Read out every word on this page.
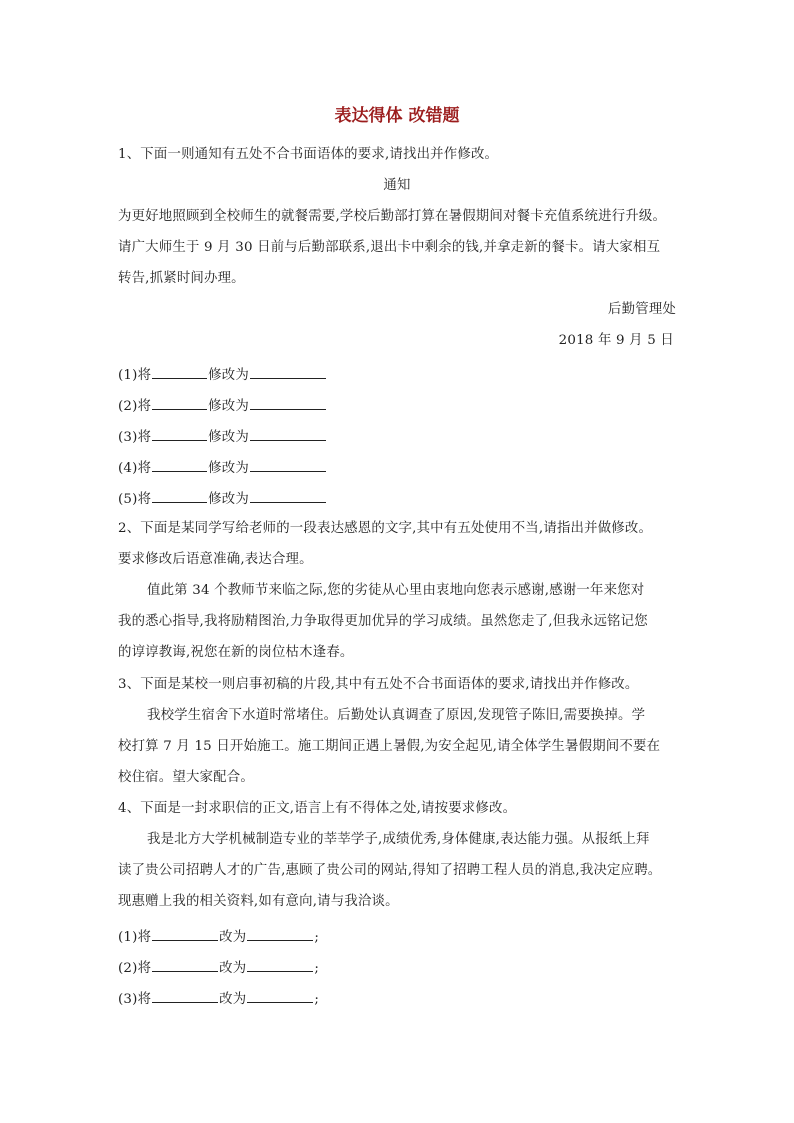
表达得体 改错题
1、下面一则通知有五处不合书面语体的要求,请找出并作修改。
通知
为更好地照顾到全校师生的就餐需要,学校后勤部打算在暑假期间对餐卡充值系统进行升级。
请广大师生于 9 月 30 日前与后勤部联系,退出卡中剩余的钱,并拿走新的餐卡。请大家相互
转告,抓紧时间办理。
后勤管理处
2018 年 9 月 5 日
(1)将	修改为
(2)将	修改为
(3)将	修改为
(4)将	修改为
(5)将	修改为
2、下面是某同学写给老师的一段表达感恩的文字,其中有五处使用不当,请指出并做修改。
要求修改后语意准确,表达合理。
值此第 34 个教师节来临之际,您的劣徒从心里由衷地向您表示感谢,感谢一年来您对
我的悉心指导,我将励精图治,力争取得更加优异的学习成绩。虽然您走了,但我永远铭记您
的谆谆教诲,祝您在新的岗位枯木逢春。
3、下面是某校一则启事初稿的片段,其中有五处不合书面语体的要求,请找出并作修改。
我校学生宿舍下水道时常堵住。后勤处认真调查了原因,发现管子陈旧,需要换掉。学
校打算 7 月 15 日开始施工。施工期间正遇上暑假,为安全起见,请全体学生暑假期间不要在
校住宿。望大家配合。
4、下面是一封求职信的正文,语言上有不得体之处,请按要求修改。
我是北方大学机械制造专业的莘莘学子,成绩优秀,身体健康,表达能力强。从报纸上拜
读了贵公司招聘人才的广告,惠顾了贵公司的网站,得知了招聘工程人员的消息,我决定应聘。
现惠赠上我的相关资料,如有意向,请与我洽谈。
(1)将	改为	;
(2)将	改为	;
(3)将	改为	;
